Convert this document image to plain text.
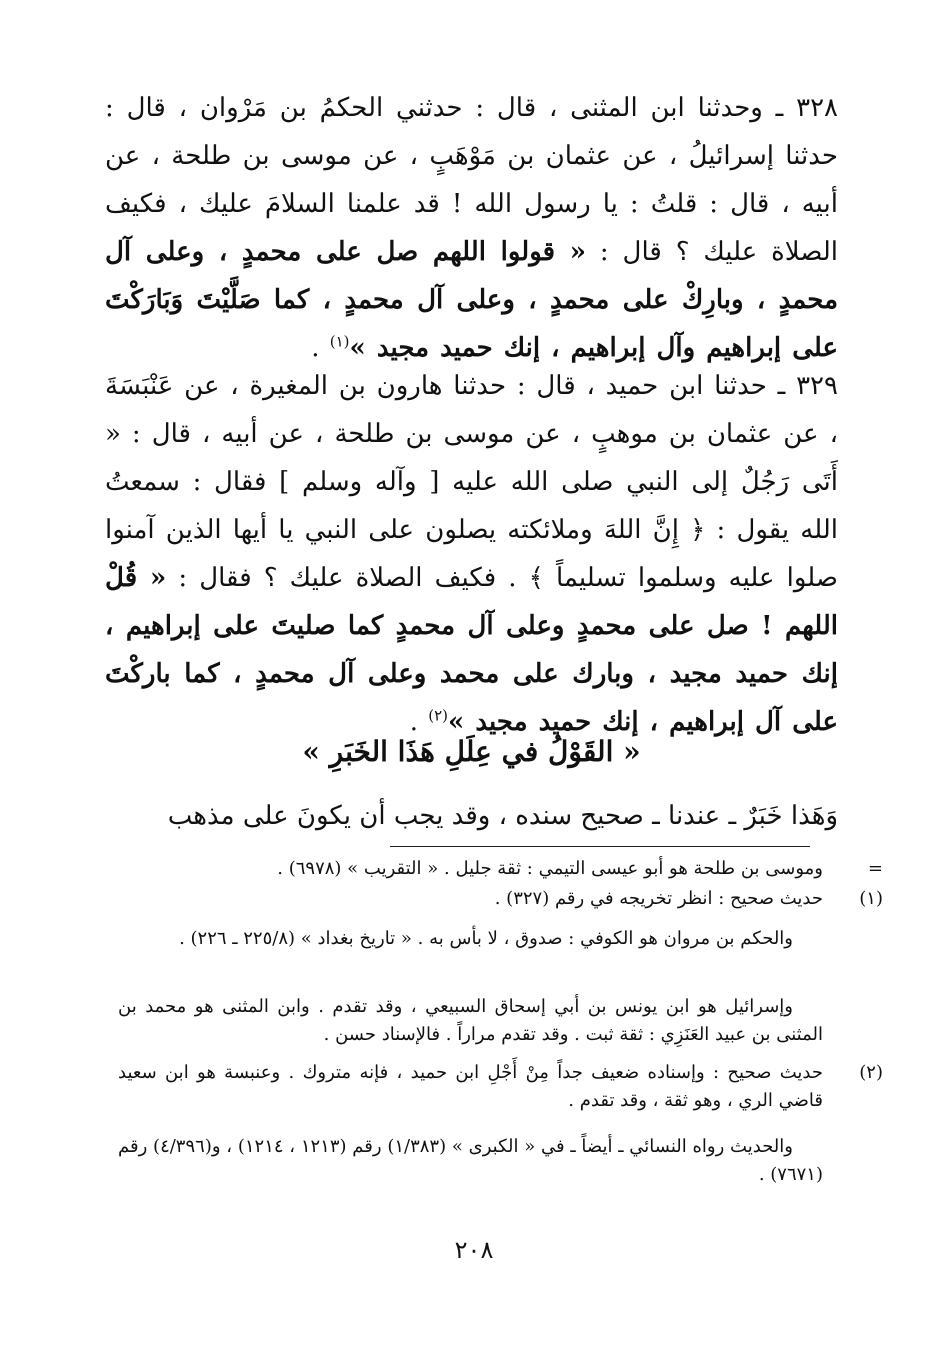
٣٢٨ ـ وحدثنا ابن المثنى ، قال : حدثني الحكمُ بن مَرْوان ، قال : حدثنا إسرائيلُ ، عن عثمان بن مَوْهَبٍ ، عن موسى بن طلحة ، عن أبيه ، قال : قلتُ : يا رسول الله ! قد علمنا السلامَ عليك ، فكيف الصلاة عليك ؟ قال : « قولوا اللهم صل على محمدٍ ، وعلى آل محمدٍ ، وبارِكْ على محمدٍ ، وعلى آل محمدٍ ، كما صَلَّيْتَ وَبَارَكْتَ على إبراهيم وآل إبراهيم ، إنك حميد مجيد »$^{(١)}$ .

٣٢٩ ـ حدثنا ابن حميد ، قال : حدثنا هارون بن المغيرة ، عن عَنْبَسَةَ ، عن عثمان بن موهبٍ ، عن موسى بن طلحة ، عن أبيه ، قال : « أَتَى رَجُلٌ إلى النبي صلى الله عليه [ وآله وسلم ] فقال : سمعتُ الله يقول : ﴿ إِنَّ اللهَ وملائكته يصلون على النبي يا أيها الذين آمنوا صلوا عليه وسلموا تسليماً ﴾ . فكيف الصلاة عليك ؟ فقال : « قُلْ اللهم ! صل على محمدٍ وعلى آل محمدٍ كما صليتَ على إبراهيم ، إنك حميد مجيد ، وبارك على محمد وعلى آل محمدٍ ، كما باركْتَ على آل إبراهيم ، إنك حميد مجيد »$^{(٢)}$ .

« القَوْلُ في عِلَلِ هَذَا الخَبَرِ »

وَهَذا خَبَرٌ ـ عندنا ـ صحيح سنده ، وقد يجب أن يكونَ على مذهب

=
وموسى بن طلحة هو أبو عيسى التيمي : ثقة جليل . « التقريب » (٦٩٧٨) .
(١)
حديث صحيح : انظر تخريجه في رقم (٣٢٧) .
والحكم بن مروان هو الكوفي : صدوق ، لا بأس به . « تاريخ بغداد » (٢٢٥/٨ ـ ٢٢٦) .
وإسرائيل هو ابن يونس بن أبي إسحاق السبيعي ، وقد تقدم . وابن المثنى هو محمد بن المثنى بن عبيد العَنَزِي : ثقة ثبت . وقد تقدم مراراً . فالإسناد حسن .
(٢)
حديث صحيح : وإسناده ضعيف جداً مِنْ أَجْلِ ابن حميد ، فإنه متروك . وعنبسة هو ابن سعيد قاضي الري ، وهو ثقة ، وقد تقدم .
والحديث رواه النسائي ـ أيضاً ـ في « الكبرى » (١/٣٨٣) رقم (١٢١٣ ، ١٢١٤) ، و(٤/٣٩٦) رقم (٧٦٧١) .
٢٠٨
